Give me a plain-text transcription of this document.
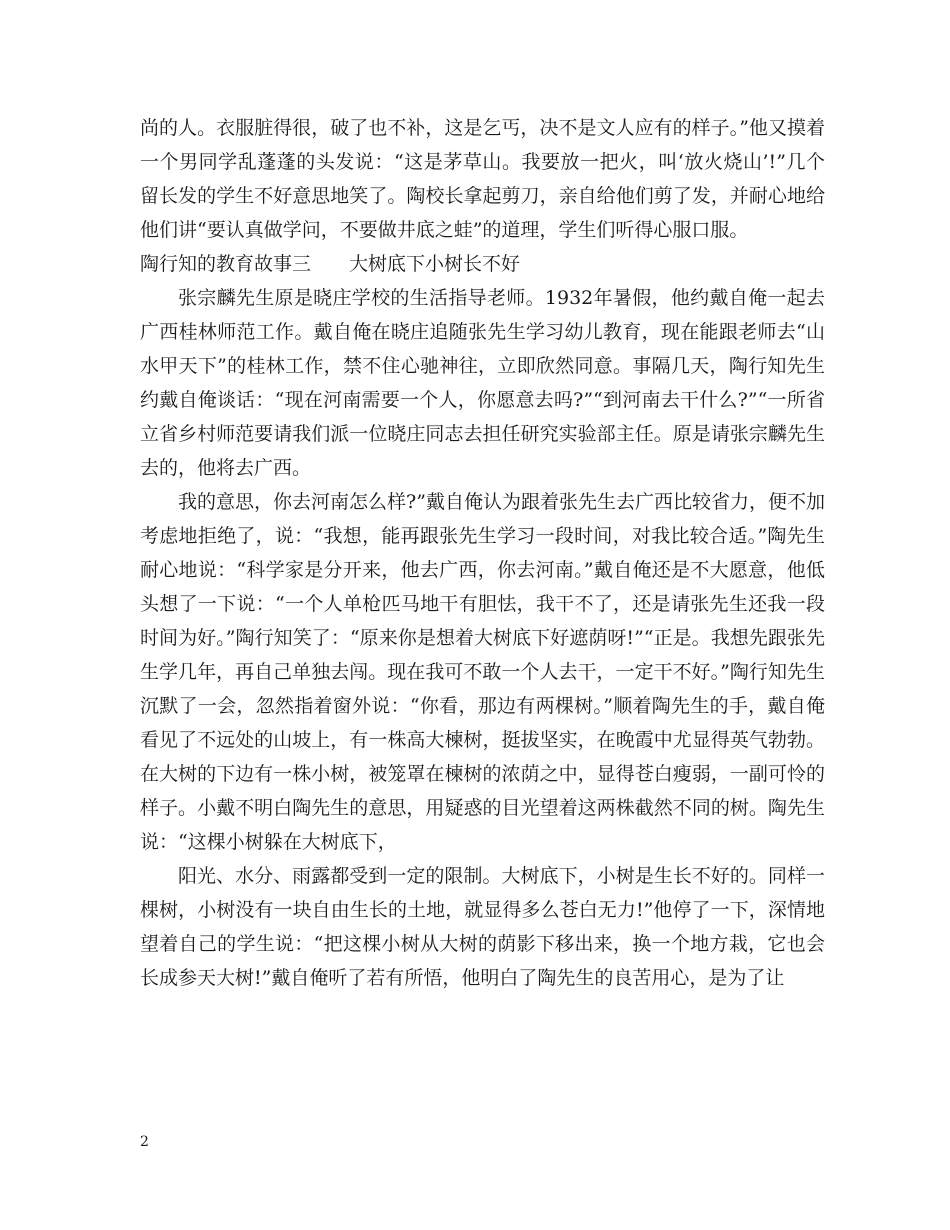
尚的人。衣服脏得很，破了也不补，这是乞丐，决不是文人应有的样子。”他又摸着一个男同学乱蓬蓬的头发说：“这是茅草山。我要放一把火，叫‘放火烧山’!”几个留长发的学生不好意思地笑了。陶校长拿起剪刀，亲自给他们剪了发，并耐心地给他们讲“要认真做学问，不要做井底之蛙”的道理，学生们听得心服口服。

陶行知的教育故事三　　大树底下小树长不好

张宗麟先生原是晓庄学校的生活指导老师。1932年暑假，他约戴自俺一起去广西桂林师范工作。戴自俺在晓庄追随张先生学习幼儿教育，现在能跟老师去“山水甲天下”的桂林工作，禁不住心驰神往，立即欣然同意。事隔几天，陶行知先生约戴自俺谈话：“现在河南需要一个人，你愿意去吗?”“到河南去干什么?”“一所省立省乡村师范要请我们派一位晓庄同志去担任研究实验部主任。原是请张宗麟先生去的，他将去广西。

我的意思，你去河南怎么样?”戴自俺认为跟着张先生去广西比较省力，便不加考虑地拒绝了，说：“我想，能再跟张先生学习一段时间，对我比较合适。”陶先生耐心地说：“科学家是分开来，他去广西，你去河南。”戴自俺还是不大愿意，他低头想了一下说：“一个人单枪匹马地干有胆怯，我干不了，还是请张先生还我一段时间为好。”陶行知笑了：“原来你是想着大树底下好遮荫呀!”“正是。我想先跟张先生学几年，再自己单独去闯。现在我可不敢一个人去干，一定干不好。”陶行知先生沉默了一会，忽然指着窗外说：“你看，那边有两棵树。”顺着陶先生的手，戴自俺看见了不远处的山坡上，有一株高大楝树，挺拔坚实，在晚霞中尤显得英气勃勃。在大树的下边有一株小树，被笼罩在楝树的浓荫之中，显得苍白瘦弱，一副可怜的样子。小戴不明白陶先生的意思，用疑惑的目光望着这两株截然不同的树。陶先生说：“这棵小树躲在大树底下，

阳光、水分、雨露都受到一定的限制。大树底下，小树是生长不好的。同样一棵树，小树没有一块自由生长的土地，就显得多么苍白无力!”他停了一下，深情地望着自己的学生说：“把这棵小树从大树的荫影下移出来，换一个地方栽，它也会长成参天大树!”戴自俺听了若有所悟，他明白了陶先生的良苦用心，是为了让

2
